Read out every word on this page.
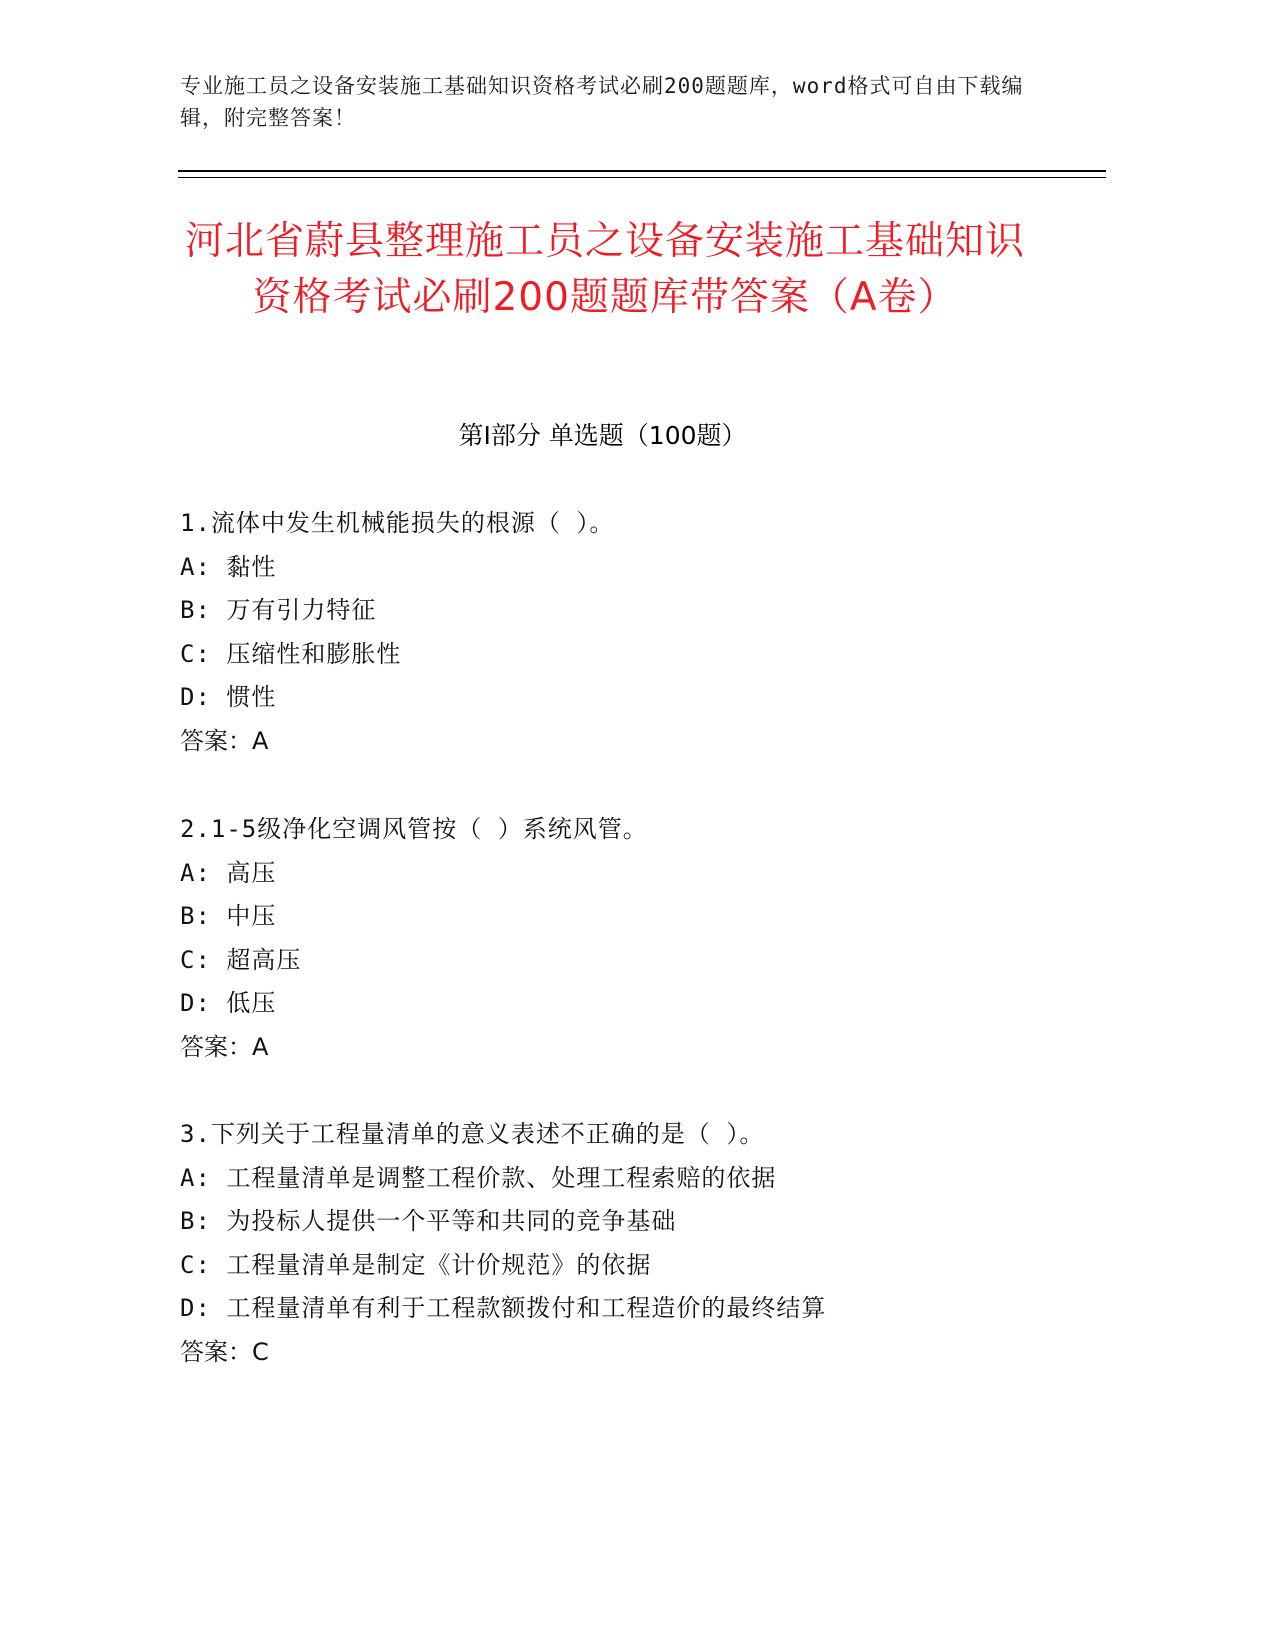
专业施工员之设备安装施工基础知识资格考试必刷200题题库，word格式可自由下载编辑，附完整答案！
河北省蔚县整理施工员之设备安装施工基础知识资格考试必刷200题题库带答案（A卷）
第I部分 单选题（100题）
1.流体中发生机械能损失的根源（ ）。
A: 黏性
B: 万有引力特征
C: 压缩性和膨胀性
D: 惯性
答案：A
2.1-5级净化空调风管按（ ）系统风管。
A: 高压
B: 中压
C: 超高压
D: 低压
答案：A
3.下列关于工程量清单的意义表述不正确的是（ ）。
A: 工程量清单是调整工程价款、处理工程索赔的依据
B: 为投标人提供一个平等和共同的竞争基础
C: 工程量清单是制定《计价规范》的依据
D: 工程量清单有利于工程款额拨付和工程造价的最终结算
答案：C
